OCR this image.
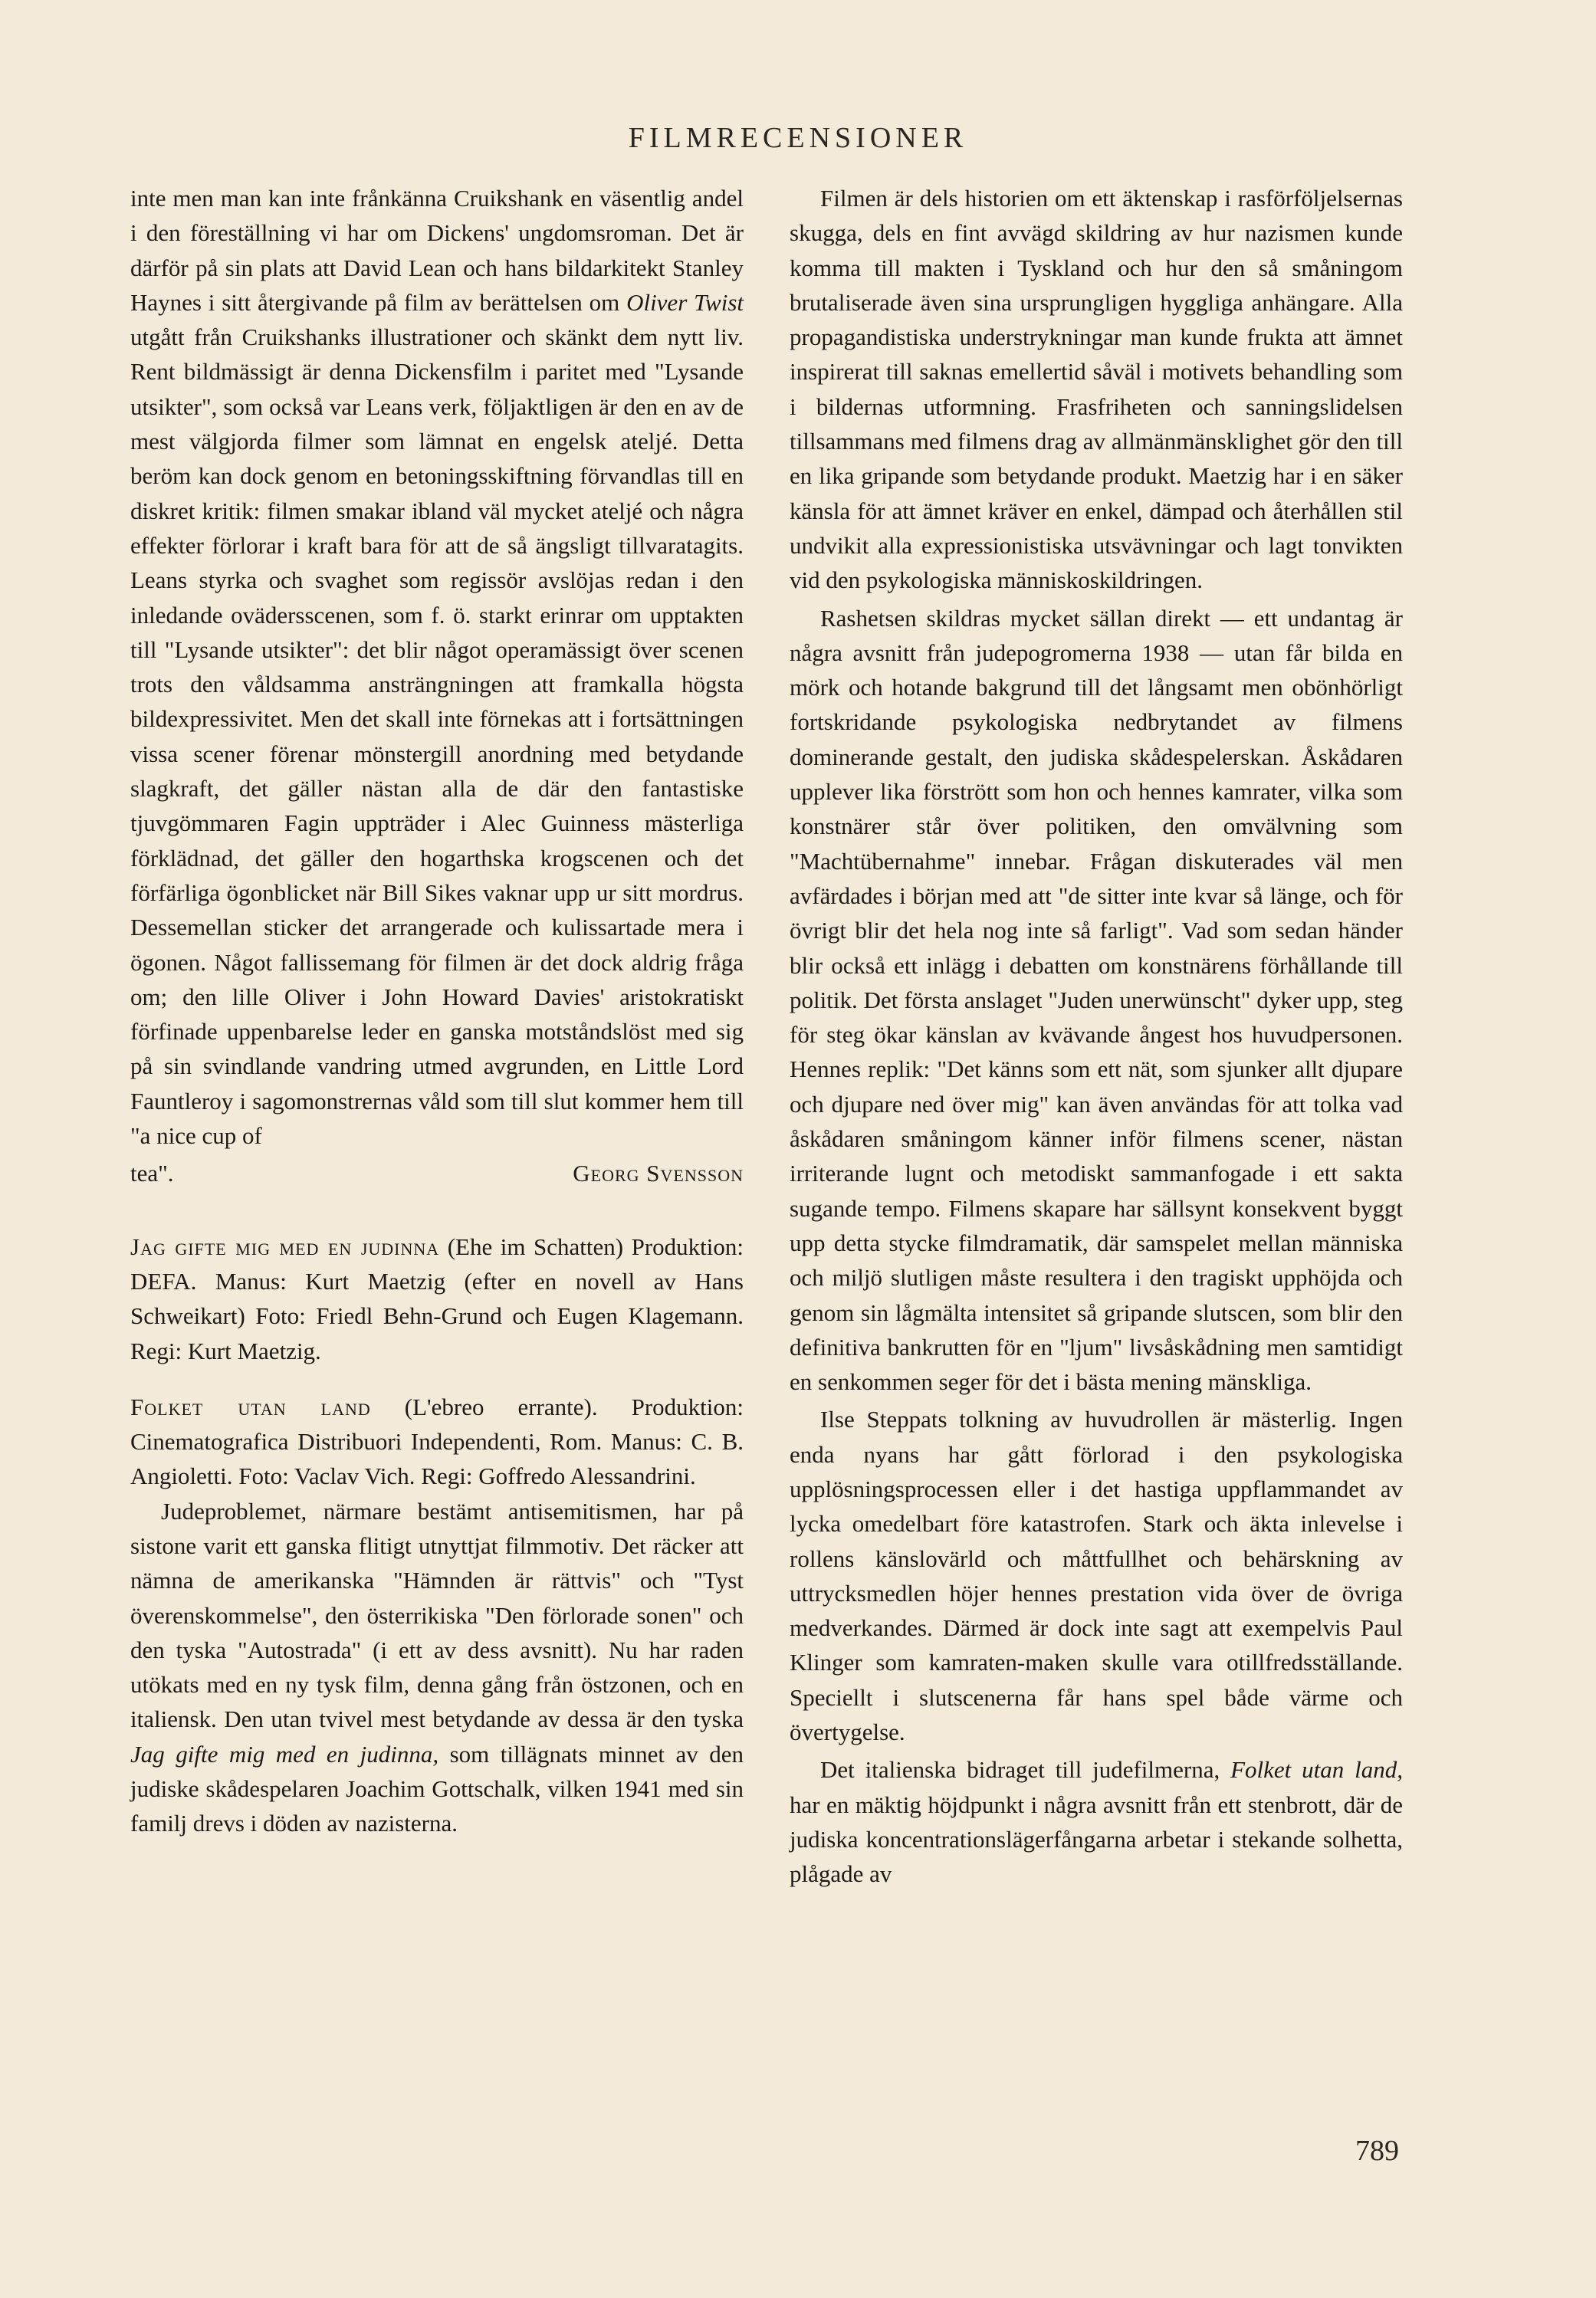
FILMRECENSIONER

inte men man kan inte frånkänna Cruikshank en väsentlig andel i den föreställning vi har om Dickens' ungdomsroman. Det är därför på sin plats att David Lean och hans bildarkitekt Stanley Haynes i sitt återgivande på film av berättelsen om Oliver Twist utgått från Cruikshanks illustrationer och skänkt dem nytt liv. Rent bildmässigt är denna Dickensfilm i paritet med "Lysande utsikter", som också var Leans verk, följaktligen är den en av de mest välgjorda filmer som lämnat en engelsk ateljé. Detta beröm kan dock genom en betoningsskiftning förvandlas till en diskret kritik: filmen smakar ibland väl mycket ateljé och några effekter förlorar i kraft bara för att de så ängsligt tillvaratagits. Leans styrka och svaghet som regissör avslöjas redan i den inledande ovädersscenen, som f. ö. starkt erinrar om upptakten till "Lysande utsikter": det blir något operamässigt över scenen trots den våldsamma ansträngningen att framkalla högsta bildexpressivitet. Men det skall inte förnekas att i fortsättningen vissa scener förenar mönstergill anordning med betydande slagkraft, det gäller nästan alla de där den fantastiske tjuvgömmaren Fagin uppträder i Alec Guinness mästerliga förklädnad, det gäller den hogarthska krogscenen och det förfärliga ögonblicket när Bill Sikes vaknar upp ur sitt mordrus. Dessemellan sticker det arrangerade och kulissartade mera i ögonen. Något fallissemang för filmen är det dock aldrig fråga om; den lille Oliver i John Howard Davies' aristokratiskt förfinade uppenbarelse leder en ganska motståndslöst med sig på sin svindlande vandring utmed avgrunden, en Little Lord Fauntleroy i sagomonstrernas våld som till slut kommer hem till "a nice cup of

tea".	Georg Svensson

Jag gifte mig med en judinna (Ehe im Schatten) Produktion: DEFA. Manus: Kurt Maetzig (efter en novell av Hans Schweikart) Foto: Friedl Behn-Grund och Eugen Klagemann. Regi: Kurt Maetzig.

Folket utan land (L'ebreo errante). Produktion: Cinematografica Distribuori Independenti, Rom. Manus: C. B. Angioletti. Foto: Vaclav Vich. Regi: Goffredo Alessandrini.

Judeproblemet, närmare bestämt antisemitismen, har på sistone varit ett ganska flitigt utnyttjat filmmotiv. Det räcker att nämna de amerikanska "Hämnden är rättvis" och "Tyst överenskommelse", den österrikiska "Den förlorade sonen" och den tyska "Autostrada" (i ett av dess avsnitt). Nu har raden utökats med en ny tysk film, denna gång från östzonen, och en italiensk. Den utan tvivel mest betydande av dessa är den tyska Jag gifte mig med en judinna, som tillägnats minnet av den judiske skådespelaren Joachim Gottschalk, vilken 1941 med sin familj drevs i döden av nazisterna.

Filmen är dels historien om ett äktenskap i rasförföljelsernas skugga, dels en fint avvägd skildring av hur nazismen kunde komma till makten i Tyskland och hur den så småningom brutaliserade även sina ursprungligen hyggliga anhängare. Alla propagandistiska understrykningar man kunde frukta att ämnet inspirerat till saknas emellertid såväl i motivets behandling som i bildernas utformning. Frasfriheten och sanningslidelsen tillsammans med filmens drag av allmänmänsklighet gör den till en lika gripande som betydande produkt. Maetzig har i en säker känsla för att ämnet kräver en enkel, dämpad och återhållen stil undvikit alla expressionistiska utsvävningar och lagt tonvikten vid den psykologiska människoskildringen.

Rashetsen skildras mycket sällan direkt — ett undantag är några avsnitt från judepogromerna 1938 — utan får bilda en mörk och hotande bakgrund till det långsamt men obönhörligt fortskridande psykologiska nedbrytandet av filmens dominerande gestalt, den judiska skådespelerskan. Åskådaren upplever lika förstrött som hon och hennes kamrater, vilka som konstnärer står över politiken, den omvälvning som "Machtübernahme" innebar. Frågan diskuterades väl men avfärdades i början med att "de sitter inte kvar så länge, och för övrigt blir det hela nog inte så farligt". Vad som sedan händer blir också ett inlägg i debatten om konstnärens förhållande till politik. Det första anslaget "Juden unerwünscht" dyker upp, steg för steg ökar känslan av kvävande ångest hos huvudpersonen. Hennes replik: "Det känns som ett nät, som sjunker allt djupare och djupare ned över mig" kan även användas för att tolka vad åskådaren småningom känner inför filmens scener, nästan irriterande lugnt och metodiskt sammanfogade i ett sakta sugande tempo. Filmens skapare har sällsynt konsekvent byggt upp detta stycke filmdramatik, där samspelet mellan människa och miljö slutligen måste resultera i den tragiskt upphöjda och genom sin lågmälta intensitet så gripande slutscen, som blir den definitiva bankrutten för en "ljum" livsåskådning men samtidigt en senkommen seger för det i bästa mening mänskliga.

Ilse Steppats tolkning av huvudrollen är mästerlig. Ingen enda nyans har gått förlorad i den psykologiska upplösningsprocessen eller i det hastiga uppflammandet av lycka omedelbart före katastrofen. Stark och äkta inlevelse i rollens känslovärld och måttfullhet och behärskning av uttrycksmedlen höjer hennes prestation vida över de övriga medverkandes. Därmed är dock inte sagt att exempelvis Paul Klinger som kamraten-maken skulle vara otillfredsställande. Speciellt i slutscenerna får hans spel både värme och övertygelse.

Det italienska bidraget till judefilmerna, Folket utan land, har en mäktig höjdpunkt i några avsnitt från ett stenbrott, där de judiska koncentrationslägerfångarna arbetar i stekande solhetta, plågade av

789
